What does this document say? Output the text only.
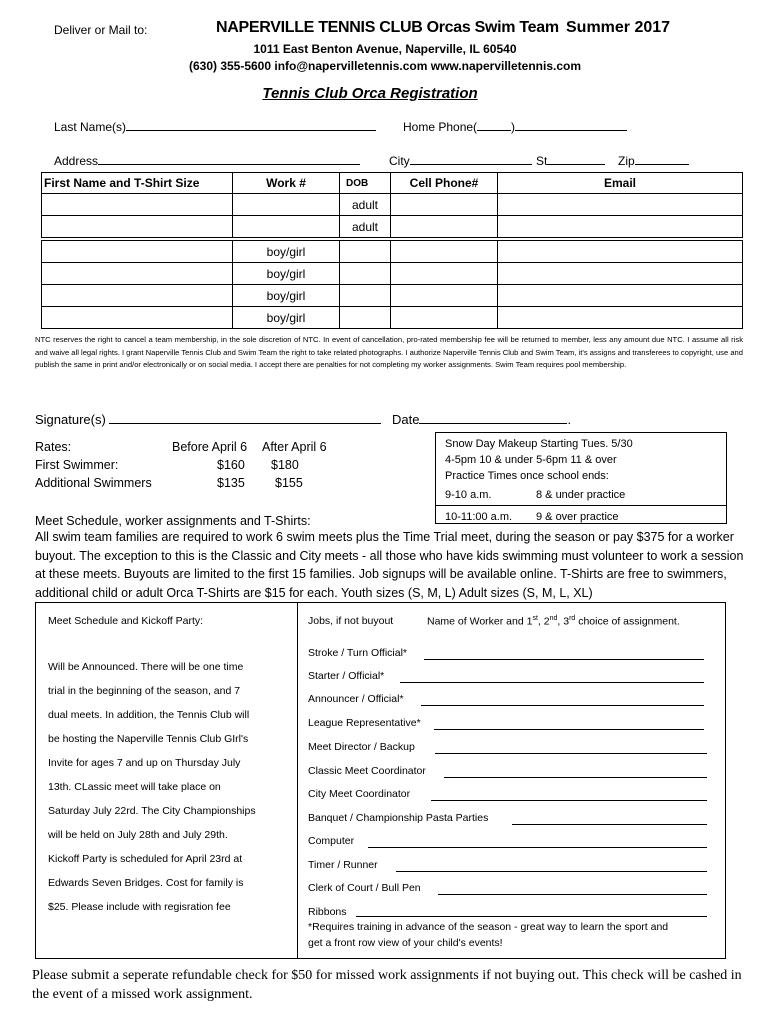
Deliver or Mail to:	NAPERVILLE TENNIS CLUB Orcas Swim Team Summer 2017
1011 East Benton Avenue, Naperville, IL 60540
(630) 355-5600 info@napervilletennis.com www.napervilletennis.com
Tennis Club Orca Registration
Last Name(s)	Home Phone(	)
Address	City	St	Zip
First Name and T-Shirt Size	Work #	DOB	Cell Phone#	Email
		adult		
		adult		

	boy/girl			
	boy/girl			
	boy/girl			
	boy/girl			
NTC reserves the right to cancel a team membership, in the sole discretion of NTC. In event of cancellation, pro-rated membership fee will be returned to member, less any amount due NTC. I assume all risk and waive all legal rights. I grant Naperville Tennis Club and Swim Team the right to take related photographs. I authorize Naperville Tennis Club and Swim Team, it's assigns and transferees to copyright, use and publish the same in print and/or electronically or on social media. I accept there are penalties for not completing my worker assignments. Swim Team requires pool membership.
Signature(s)	Date	.
Rates:	Before April 6 After April 6
First Swimmer:	$160 $180
Additional Swimmers	$135 $155
Snow Day Makeup Starting Tues. 5/30
4-5pm 10 & under 5-6pm 11 & over
Practice Times once school ends:
9-10 a.m.	8 & under practice
10-11:00 a.m. 9 & over practice
Meet Schedule, worker assignments and T-Shirts:
All swim team families are required to work 6 swim meets plus the Time Trial meet, during the season or pay $375 for a worker buyout. The exception to this is the Classic and City meets - all those who have kids swimming must volunteer to work a session at these meets. Buyouts are limited to the first 15 families. Job signups will be available online. T-Shirts are free to swimmers, additional child or adult Orca T-Shirts are $15 for each. Youth sizes (S, M, L) Adult sizes (S, M, L, XL)
Meet Schedule and Kickoff Party:
Will be Announced. There will be one time
trial in the beginning of the season, and 7
dual meets. In addition, the Tennis Club will
be hosting the Naperville Tennis Club GIrl's
Invite for ages 7 and up on Thursday July
13th. CLassic meet will take place on
Saturday July 22rd. The City Championships
will be held on July 28th and July 29th.
Kickoff Party is scheduled for April 23rd at
Edwards Seven Bridges. Cost for family is
$25. Please include with regisration fee
Jobs, if not buyout	Name of Worker and 1st, 2nd, 3rd choice of assignment.
Stroke / Turn Official*
Starter / Official*
Announcer / Official*
League Representative*
Meet Director / Backup
Classic Meet Coordinator
City Meet Coordinator
Banquet / Championship Pasta Parties
Computer
Timer / Runner
Clerk of Court / Bull Pen
Ribbons
*Requires training in advance of the season - great way to learn the sport and
get a front row view of your child's events!
Please submit a seperate refundable check for $50 for missed work assignments if not buying out. This check will be cashed in the event of a missed work assignment.
